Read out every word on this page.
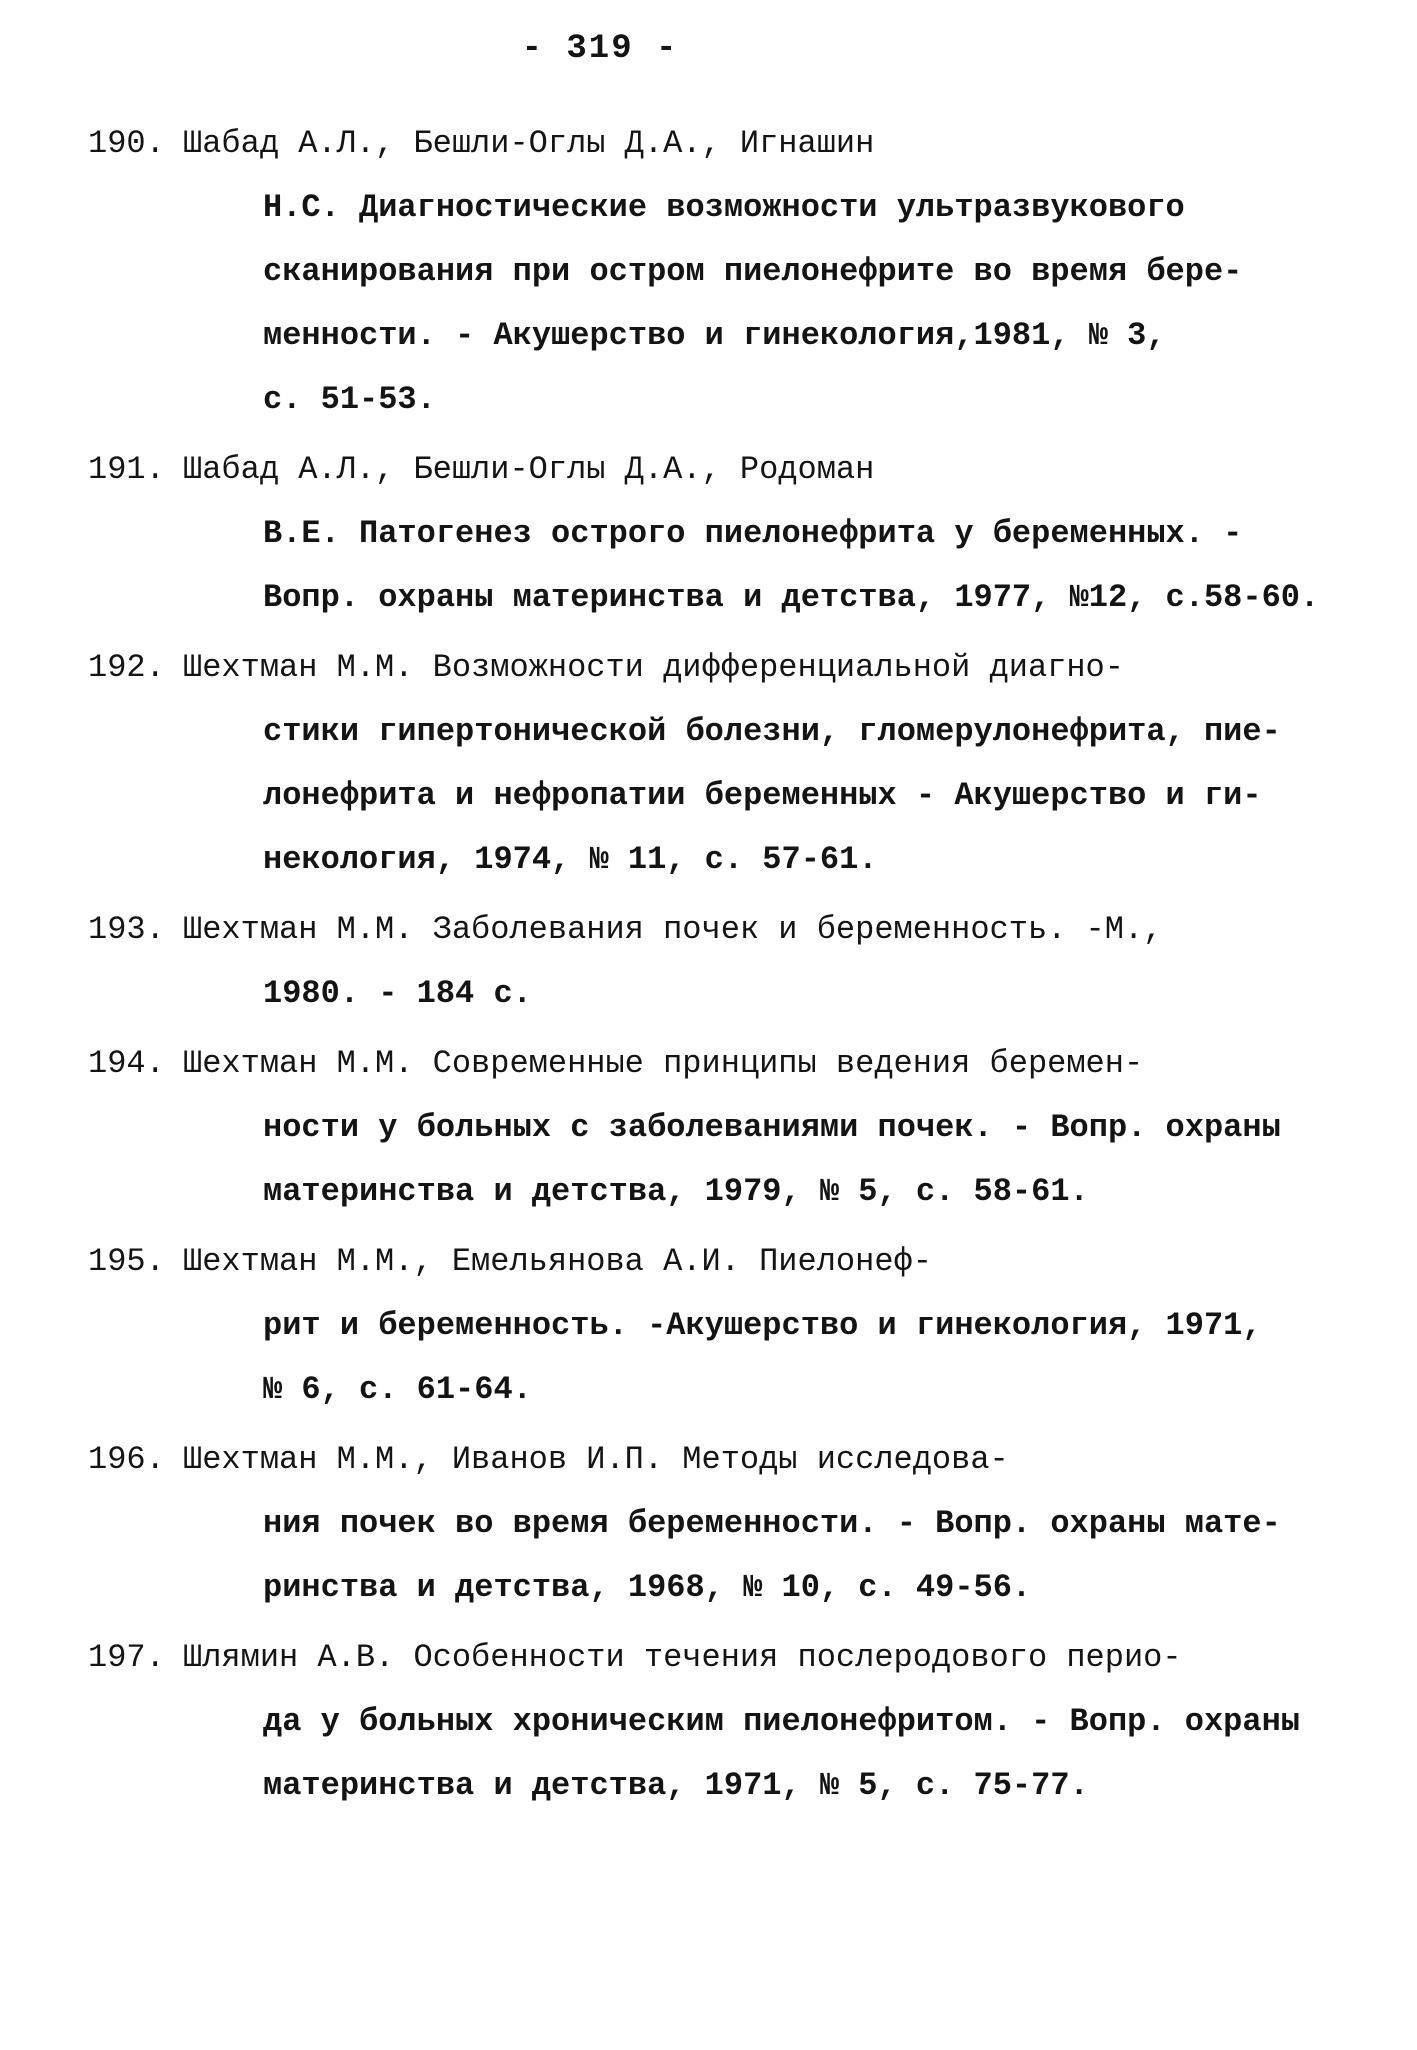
- 319 -
190. Шабад А.Л., Бешли-Оглы Д.А., Игнашин
Н.С. Диагностические возможности ультразвукового
сканирования при остром пиелонефрите во время бере-
менности. - Акушерство и гинекология,1981, № 3,
с. 51-53.
191. Шабад А.Л., Бешли-Оглы Д.А., Родоман
В.Е. Патогенез острого пиелонефрита у беременных. -
Вопр. охраны материнства и детства, 1977, №12, с.58-60.
192. Шехтман М.М. Возможности дифференциальной диагно-
стики гипертонической болезни, гломерулонефрита, пие-
лонефрита и нефропатии беременных - Акушерство и ги-
некология, 1974, № 11, с. 57-61.
193. Шехтман М.М. Заболевания почек и беременность. -М.,
1980. - 184 с.
194. Шехтман М.М. Современные принципы ведения беремен-
ности у больных с заболеваниями почек. - Вопр. охраны
материнства и детства, 1979, № 5, с. 58-61.
195. Шехтман М.М., Емельянова А.И. Пиелонеф-
рит и беременность. -Акушерство и гинекология, 1971,
№ 6, с. 61-64.
196. Шехтман М.М., Иванов И.П. Методы исследова-
ния почек во время беременности. - Вопр. охраны мате-
ринства и детства, 1968, № 10, с. 49-56.
197. Шлямин А.В. Особенности течения послеродового перио-
да у больных хроническим пиелонефритом. - Вопр. охраны
материнства и детства, 1971, № 5, с. 75-77.
